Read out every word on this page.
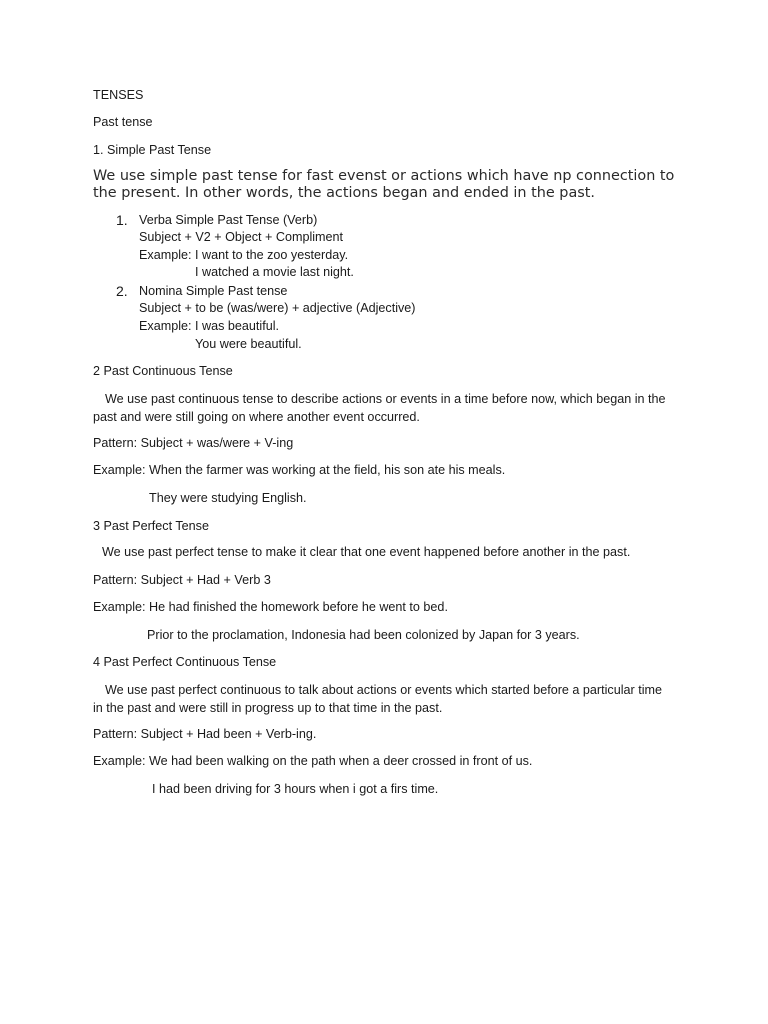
TENSES
Past tense
1. Simple Past Tense
We use simple past tense for fast evenst or actions which have np connection to the present. In other words, the actions began and ended in the past.
1. Verba Simple Past Tense (Verb)
Subject + V2 + Object + Compliment
Example: I want to the zoo yesterday.
I watched a movie last night.
2. Nomina Simple Past tense
Subject + to be (was/were) + adjective (Adjective)
Example: I was beautiful.
You were beautiful.
2 Past Continuous Tense
We use past continuous tense to describe actions or events in a time before now, which began in the past and were still going on where another event occurred.
Pattern: Subject + was/were + V-ing
Example: When the farmer was working at the field, his son ate his meals.
They were studying English.
3 Past Perfect Tense
We use past perfect tense to make it clear that one event happened before another in the past.
Pattern: Subject + Had + Verb 3
Example: He had finished the homework before he went to bed.
Prior to the proclamation, Indonesia had been colonized by Japan for 3 years.
4 Past Perfect Continuous Tense
We use past perfect continuous to talk about actions or events which started before a particular time in the past and were still in progress up to that time in the past.
Pattern: Subject + Had been + Verb-ing.
Example: We had been walking on the path when a deer crossed in front of us.
I had been driving for 3 hours when i got a firs time.
